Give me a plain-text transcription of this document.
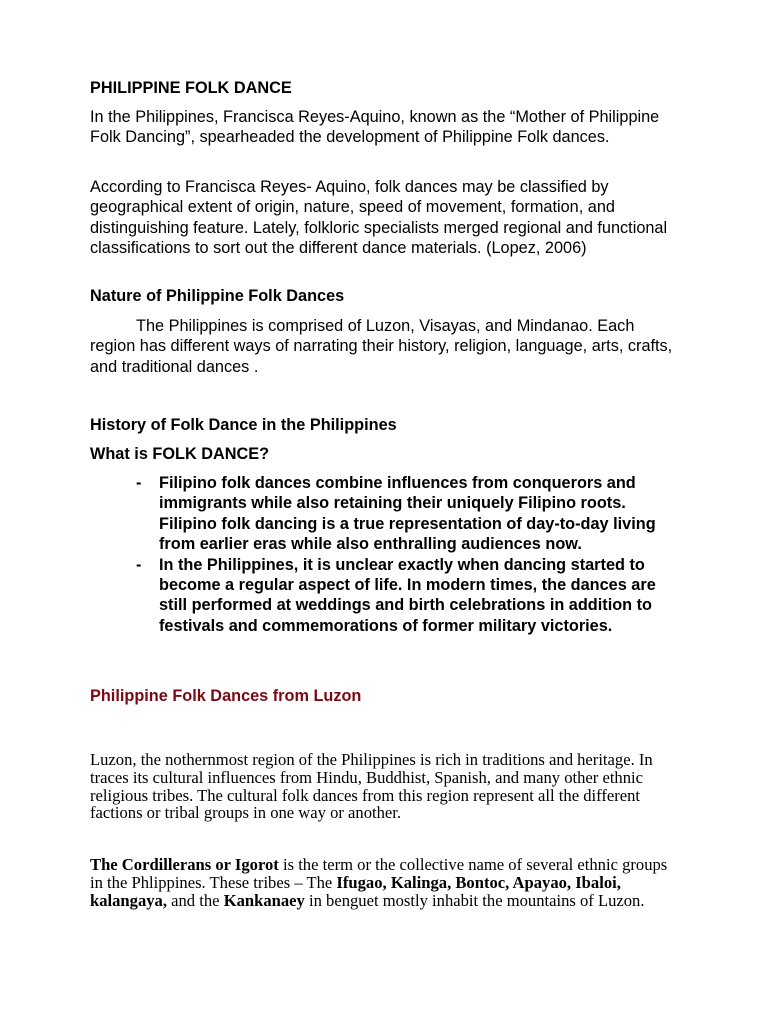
PHILIPPINE FOLK DANCE

In the Philippines, Francisca Reyes-Aquino, known as the “Mother of Philippine Folk Dancing”, spearheaded the development of Philippine Folk dances.

According to Francisca Reyes- Aquino, folk dances may be classified by geographical extent of origin, nature, speed of movement, formation, and distinguishing feature. Lately, folkloric specialists merged regional and functional classifications to sort out the different dance materials. (Lopez, 2006)

Nature of Philippine Folk Dances

The Philippines is comprised of Luzon, Visayas, and Mindanao. Each region has different ways of narrating their history, religion, language, arts, crafts, and traditional dances .

History of Folk Dance in the Philippines
What is FOLK DANCE?
- Filipino folk dances combine influences from conquerors and immigrants while also retaining their uniquely Filipino roots. Filipino folk dancing is a true representation of day-to-day living from earlier eras while also enthralling audiences now.
- In the Philippines, it is unclear exactly when dancing started to become a regular aspect of life. In modern times, the dances are still performed at weddings and birth celebrations in addition to festivals and commemorations of former military victories.
Philippine Folk Dances from Luzon

Luzon, the nothernmost region of the Philippines is rich in traditions and heritage. In traces its cultural influences from Hindu, Buddhist, Spanish, and many other ethnic religious tribes. The cultural folk dances from this region represent all the different factions or tribal groups in one way or another.

The Cordillerans or Igorot is the term or the collective name of several ethnic groups in the Phlippines. These tribes – The Ifugao, Kalinga, Bontoc, Apayao, Ibaloi, kalangaya, and the Kankanaey in benguet mostly inhabit the mountains of Luzon.
